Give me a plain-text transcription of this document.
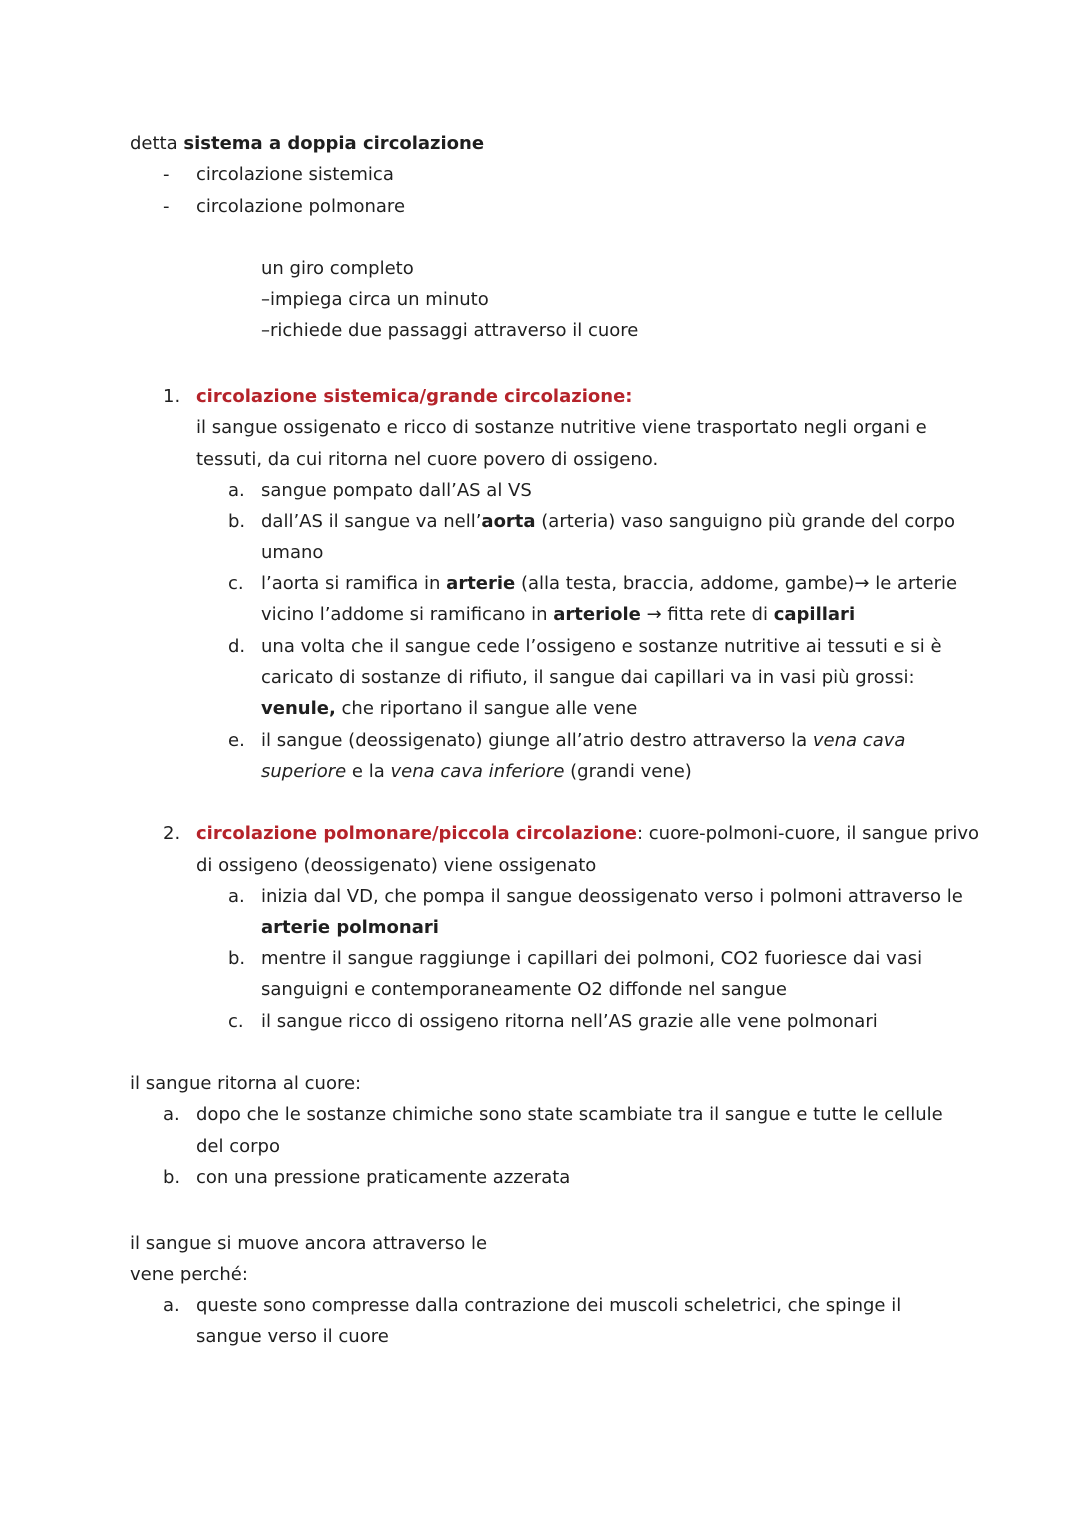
detta sistema a doppia circolazione
- circolazione sistemica
- circolazione polmonare
un giro completo
–impiega circa un minuto
–richiede due passaggi attraverso il cuore
1. circolazione sistemica/grande circolazione:
il sangue ossigenato e ricco di sostanze nutritive viene trasportato negli organi e
tessuti, da cui ritorna nel cuore povero di ossigeno.
a. sangue pompato dall’AS al VS
b. dall’AS il sangue va nell’aorta (arteria) vaso sanguigno più grande del corpo
umano
c. l’aorta si ramifica in arterie (alla testa, braccia, addome, gambe)→ le arterie
vicino l’addome si ramificano in arteriole → fitta rete di capillari
d. una volta che il sangue cede l’ossigeno e sostanze nutritive ai tessuti e si è
caricato di sostanze di rifiuto, il sangue dai capillari va in vasi più grossi:
venule, che riportano il sangue alle vene
e. il sangue (deossigenato) giunge all’atrio destro attraverso la vena cava
superiore e la vena cava inferiore (grandi vene)
2. circolazione polmonare/piccola circolazione: cuore-polmoni-cuore, il sangue privo
di ossigeno (deossigenato) viene ossigenato
a. inizia dal VD, che pompa il sangue deossigenato verso i polmoni attraverso le
arterie polmonari
b. mentre il sangue raggiunge i capillari dei polmoni, CO2 fuoriesce dai vasi
sanguigni e contemporaneamente O2 diffonde nel sangue
c. il sangue ricco di ossigeno ritorna nell’AS grazie alle vene polmonari
il sangue ritorna al cuore:
a. dopo che le sostanze chimiche sono state scambiate tra il sangue e tutte le cellule
del corpo
b. con una pressione praticamente azzerata
il sangue si muove ancora attraverso le
vene perché:
a. queste sono compresse dalla contrazione dei muscoli scheletrici, che spinge il
sangue verso il cuore
